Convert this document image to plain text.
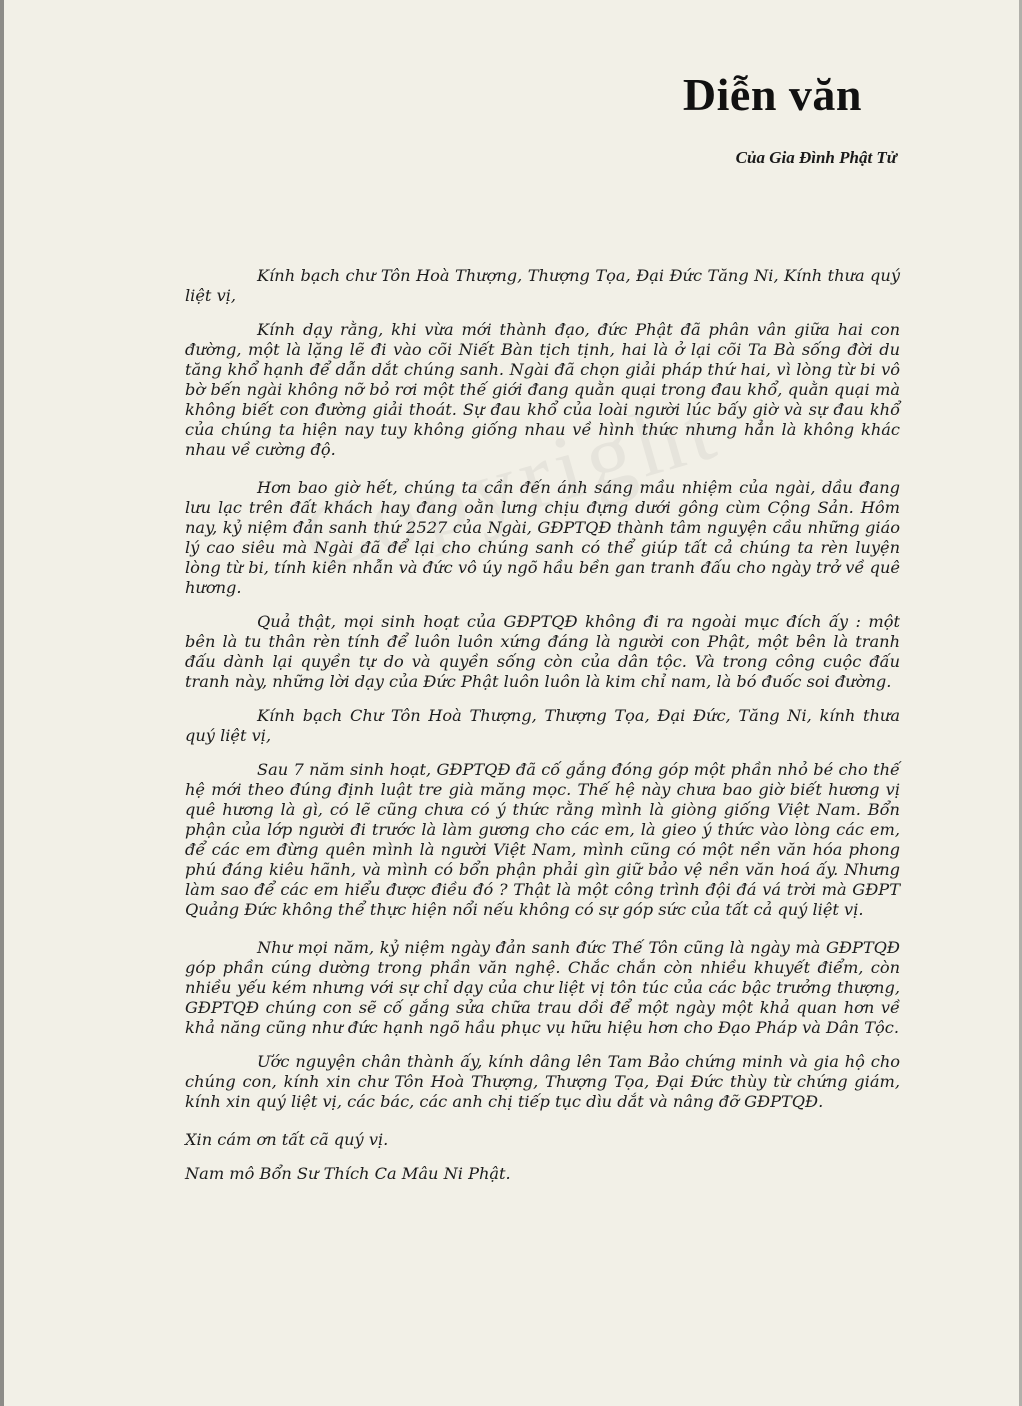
Diễn văn
Của Gia Đình Phật Tử

Kính bạch chư Tôn Hoà Thượng, Thượng Tọa, Đại Đức Tăng Ni, Kính thưa quý liệt vị,

Kính dạy rằng, khi vừa mới thành đạo, đức Phật đã phân vân giữa hai con đường, một là lặng lẽ đi vào cõi Niết Bàn tịch tịnh, hai là ở lại cõi Ta Bà sống đời du tăng khổ hạnh để dẫn dắt chúng sanh. Ngài đã chọn giải pháp thứ hai, vì lòng từ bi vô bờ bến ngài không nỡ bỏ rơi một thế giới đang quằn quại trong đau khổ, quằn quại mà không biết con đường giải thoát. Sự đau khổ của loài người lúc bấy giờ và sự đau khổ của chúng ta hiện nay tuy không giống nhau về hình thức nhưng hẳn là không khác nhau về cường độ.

Hơn bao giờ hết, chúng ta cần đến ánh sáng mầu nhiệm của ngài, dầu đang lưu lạc trên đất khách hay đang oằn lưng chịu đựng dưới gông cùm Cộng Sản. Hôm nay, kỷ niệm đản sanh thứ 2527 của Ngài, GĐPTQĐ thành tâm nguyện cầu những giáo lý cao siêu mà Ngài đã để lại cho chúng sanh có thể giúp tất cả chúng ta rèn luyện lòng từ bi, tính kiên nhẫn và đức vô úy ngõ hầu bền gan tranh đấu cho ngày trở về quê hương.

Quả thật, mọi sinh hoạt của GĐPTQĐ không đi ra ngoài mục đích ấy : một bên là tu thân rèn tính để luôn luôn xứng đáng là người con Phật, một bên là tranh đấu dành lại quyền tự do và quyền sống còn của dân tộc. Và trong công cuộc đấu tranh này, những lời dạy của Đức Phật luôn luôn là kim chỉ nam, là bó đuốc soi đường.

Kính bạch Chư Tôn Hoà Thượng, Thượng Tọa, Đại Đức, Tăng Ni, kính thưa quý liệt vị,

Sau 7 năm sinh hoạt, GĐPTQĐ đã cố gắng đóng góp một phần nhỏ bé cho thế hệ mới theo đúng định luật tre già măng mọc. Thế hệ này chưa bao giờ biết hương vị quê hương là gì, có lẽ cũng chưa có ý thức rằng mình là giòng giống Việt Nam. Bổn phận của lớp người đi trước là làm gương cho các em, là gieo ý thức vào lòng các em, để các em đừng quên mình là người Việt Nam, mình cũng có một nền văn hóa phong phú đáng kiêu hãnh, và mình có bổn phận phải gìn giữ bảo vệ nền văn hoá ấy. Nhưng làm sao để các em hiểu được điều đó ? Thật là một công trình đội đá vá trời mà GĐPT Quảng Đức không thể thực hiện nổi nếu không có sự góp sức của tất cả quý liệt vị.

Như mọi năm, kỷ niệm ngày đản sanh đức Thế Tôn cũng là ngày mà GĐPTQĐ góp phần cúng dường trong phần văn nghệ. Chắc chắn còn nhiều khuyết điểm, còn nhiều yếu kém nhưng với sự chỉ dạy của chư liệt vị tôn túc của các bậc trưởng thượng, GĐPTQĐ chúng con sẽ cố gắng sửa chữa trau dồi để một ngày một khả quan hơn về khả năng cũng như đức hạnh ngõ hầu phục vụ hữu hiệu hơn cho Đạo Pháp và Dân Tộc.

Ước nguyện chân thành ấy, kính dâng lên Tam Bảo chứng minh và gia hộ cho chúng con, kính xin chư Tôn Hoà Thượng, Thượng Tọa, Đại Đức thùy từ chứng giám, kính xin quý liệt vị, các bác, các anh chị tiếp tục dìu dắt và nâng đỡ GĐPTQĐ.

Xin cám ơn tất cã quý vị.

Nam mô Bổn Sư Thích Ca Mâu Ni Phật.
